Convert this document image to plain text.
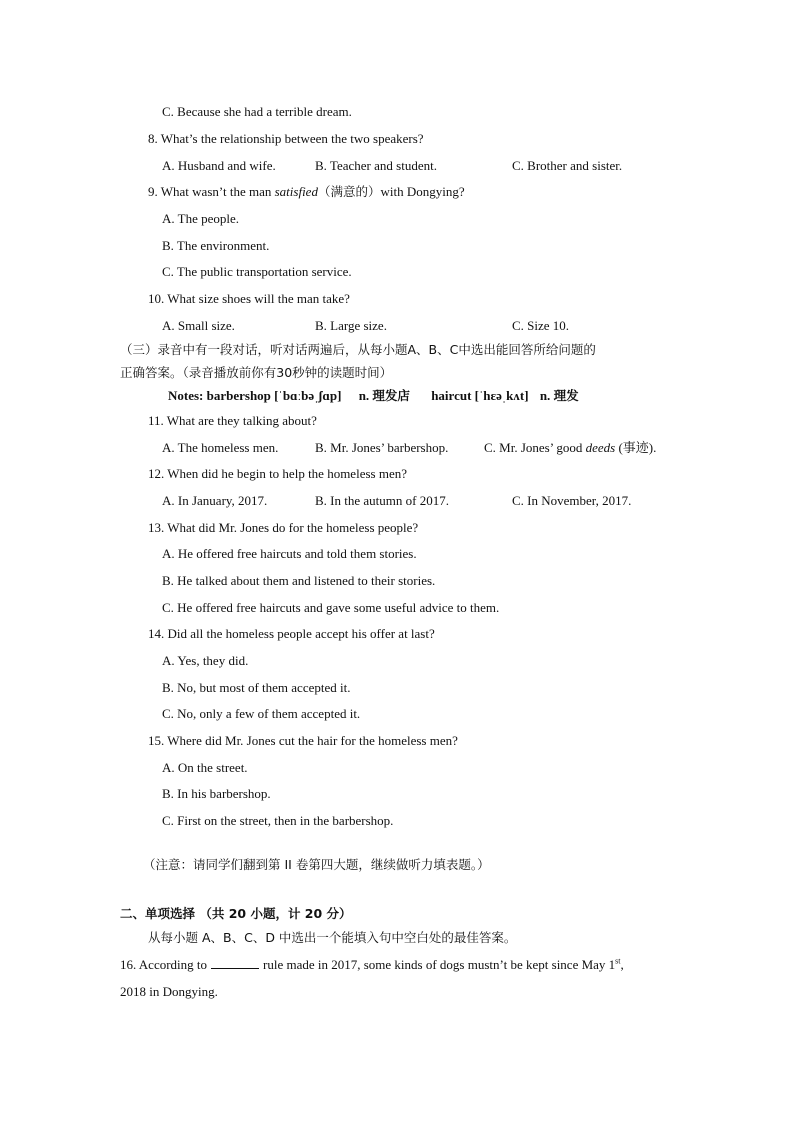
C. Because she had a terrible dream.
8. What’s the relationship between the two speakers?
A. Husband and wife.	B. Teacher and student.	C. Brother and sister.
9. What wasn’t the man satisfied（满意的）with Dongying?
A. The people.
B. The environment.
C. The public transportation service.
10. What size shoes will the man take?
A. Small size.	B. Large size.	C. Size 10.
（三）录音中有一段对话，听对话两遍后，从每小题A、B、C中选出能回答所给问题的
正确答案。（录音播放前你有30秒钟的读题时间）
Notes: barbershop [ˈbɑːbəˌʃɑp] n. 理发店 haircut [ˈhɛəˌkʌt] n. 理发
11. What are they talking about?
A. The homeless men.	B. Mr. Jones’ barbershop.	C. Mr. Jones’ good deeds (事迹).
12. When did he begin to help the homeless men?
A. In January, 2017.	B. In the autumn of 2017.	C. In November, 2017.
13. What did Mr. Jones do for the homeless people?
A. He offered free haircuts and told them stories.
B. He talked about them and listened to their stories.
C. He offered free haircuts and gave some useful advice to them.
14. Did all the homeless people accept his offer at last?
A. Yes, they did.
B. No, but most of them accepted it.
C. No, only a few of them accepted it.
15. Where did Mr. Jones cut the hair for the homeless men?
A. On the street.
B. In his barbershop.
C. First on the street, then in the barbershop.
（注意：请同学们翻到第 II 卷第四大题，继续做听力填表题。）
二、单项选择 （共 20 小题，计 20 分）
从每小题 A、B、C、D 中选出一个能填入句中空白处的最佳答案。
16. According to	rule made in 2017, some kinds of dogs mustn’t be kept since May 1st,
2018 in Dongying.
